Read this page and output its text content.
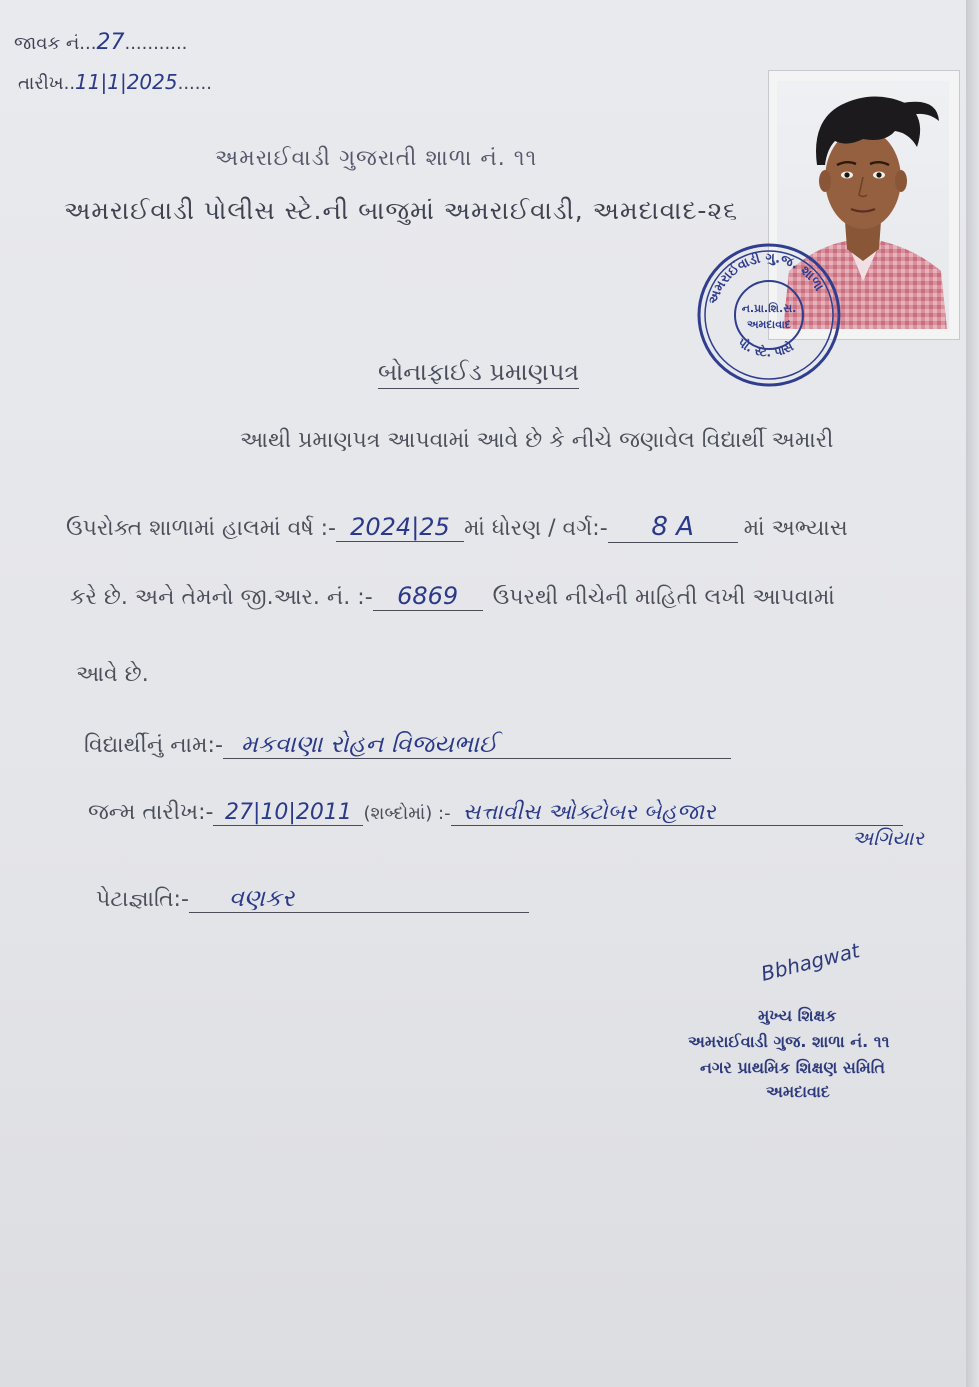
જાવક નં...27...........
તારીખ..11|1|2025......
અમરાઈવાડી ગુજરાતી શાળા નં. ૧૧
અમરાઈવાડી પોલીસ સ્ટે.ની બાજુમાં અમરાઈવાડી, અમદાવાદ-૨૬
અમરાઈવાડી ગુ.જ. શાળા
પો. સ્ટે. પાસે
ન.પ્રા.શિ.સ.
અમદાવાદ
બોનાફાઈડ પ્રમાણપત્ર
આથી પ્રમાણપત્ર આપવામાં આવે છે કે નીચે જણાવેલ વિદ્યાર્થી અમારી
ઉપરોક્ત શાળામાં હાલમાં વર્ષ :- 2024|25 માં ધોરણ / વર્ગ:- 8 A માં અભ્યાસ
કરે છે. અને તેમનો જી.આર. નં. :- 6869 ઉપરથી નીચેની માહિતી લખી આપવામાં
આવે છે.
વિદ્યાર્થીનું નામ:- મકવાણા રોહન વિજયભાઈ
જન્મ તારીખ:- 27|10|2011 (શબ્દોમાં) :- સત્તાવીસ ઓક્ટોબર બેહજાર
અગિયાર
પેટાજ્ઞાતિ:- વણકર
Bbhagwat
મુખ્ય શિક્ષક
અમરાઈવાડી ગુજ. શાળા નં. ૧૧
નગર પ્રાથમિક શિક્ષણ સમિતિ
અમદાવાદ
